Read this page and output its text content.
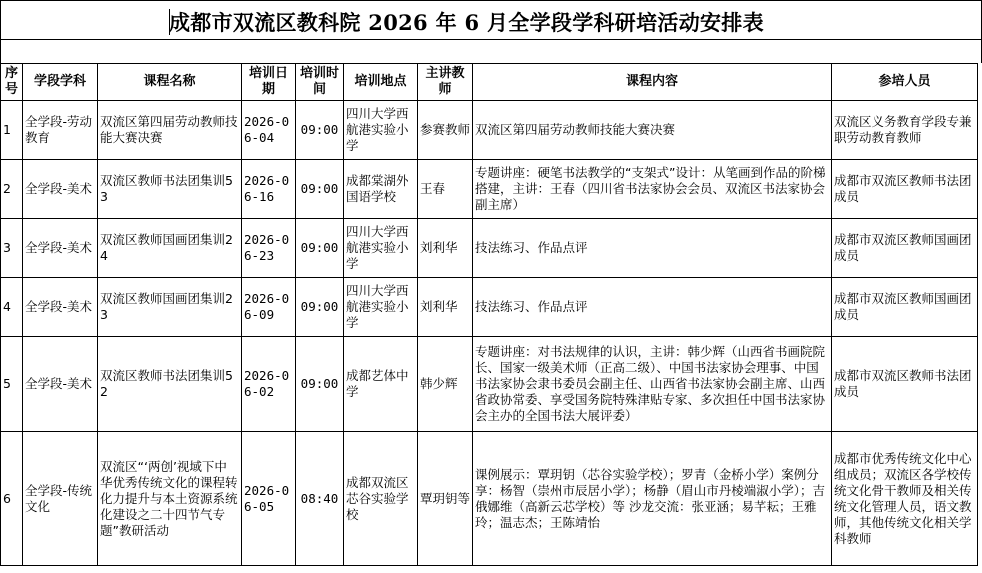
成都市双流区教科院 2026 年 6 月全学段学科研培活动安排表
序号	学段学科	课程名称	培训日期	培训时间	培训地点	主讲教师	课程内容	参培人员
1	全学段-劳动教育	双流区第四届劳动教师技能大赛决赛	2026-06-04	09:00	四川大学西航港实验小学	参赛教师	双流区第四届劳动教师技能大赛决赛	双流区义务教育学段专兼职劳动教育教师
2	全学段-美术	双流区教师书法团集训53	2026-06-16	09:00	成都棠湖外国语学校	王春	专题讲座：硬笔书法教学的“支架式”设计：从笔画到作品的阶梯搭建，主讲：王春（四川省书法家协会会员、双流区书法家协会副主席）	成都市双流区教师书法团成员
3	全学段-美术	双流区教师国画团集训24	2026-06-23	09:00	四川大学西航港实验小学	刘利华	技法练习、作品点评	成都市双流区教师国画团成员
4	全学段-美术	双流区教师国画团集训23	2026-06-09	09:00	四川大学西航港实验小学	刘利华	技法练习、作品点评	成都市双流区教师国画团成员
5	全学段-美术	双流区教师书法团集训52	2026-06-02	09:00	成都艺体中学	韩少辉	专题讲座：对书法规律的认识，主讲：韩少辉（山西省书画院院长、国家一级美术师（正高二级）、中国书法家协会理事、中国书法家协会隶书委员会副主任、山西省书法家协会副主席、山西省政协常委、享受国务院特殊津贴专家、多次担任中国书法家协会主办的全国书法大展评委）	成都市双流区教师书法团成员
6	全学段-传统文化	双流区“‘两创’视域下中华优秀传统文化的课程转化力提升与本土资源系统化建设之二十四节气专题”教研活动	2026-06-05	08:40	成都双流区芯谷实验学校	覃玥钥等	课例展示：覃玥钥（芯谷实验学校）；罗青（金桥小学）案例分享：杨智（崇州市辰居小学）；杨静（眉山市丹棱端淑小学）；吉俄娜维（高新云芯学校）等 沙龙交流：张亚涵；易芊耘；王雅玲；温志杰；王陈靖怡	成都市优秀传统文化中心组成员；双流区各学校传统文化骨干教师及相关传统文化管理人员，语文教师，其他传统文化相关学科教师
